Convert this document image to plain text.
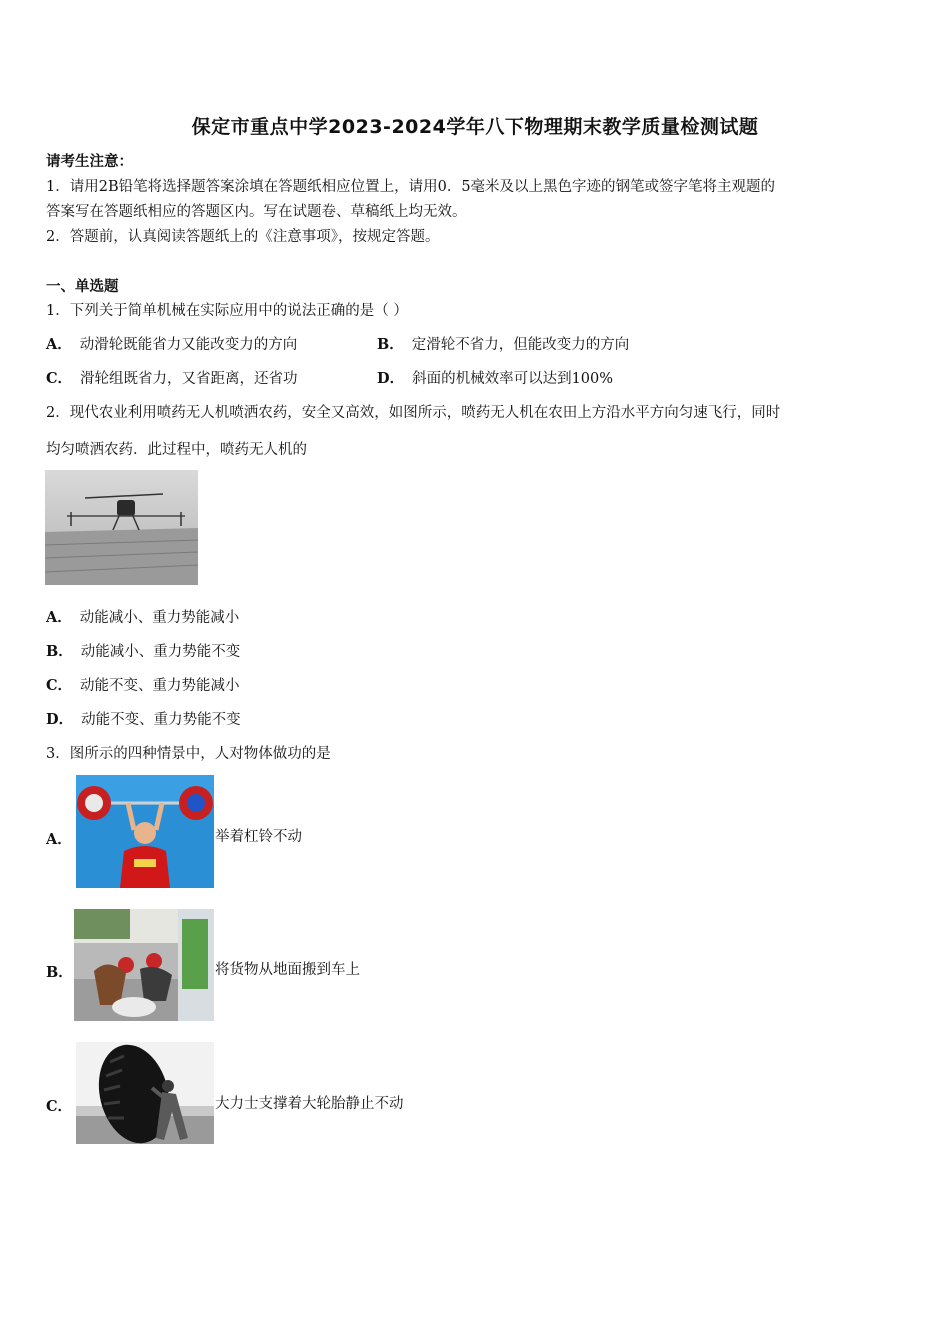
保定市重点中学2023-2024学年八下物理期末教学质量检测试题
请考生注意：
1．请用2B铅笔将选择题答案涂填在答题纸相应位置上，请用0．5毫米及以上黑色字迹的钢笔或签字笔将主观题的
答案写在答题纸相应的答题区内。写在试题卷、草稿纸上均无效。
2．答题前，认真阅读答题纸上的《注意事项》，按规定答题。
一、单选题
1．下列关于简单机械在实际应用中的说法正确的是（ ）
A． 动滑轮既能省力又能改变力的方向	B． 定滑轮不省力，但能改变力的方向
C． 滑轮组既省力，又省距离，还省功	D． 斜面的机械效率可以达到100%
2．现代农业利用喷药无人机喷洒农药，安全又高效，如图所示，喷药无人机在农田上方沿水平方向匀速飞行，同时
均匀喷洒农药．此过程中，喷药无人机的
A． 动能减小、重力势能减小
B． 动能减小、重力势能不变
C． 动能不变、重力势能减小
D． 动能不变、重力势能不变
3．图所示的四种情景中，人对物体做功的是
A．	举着杠铃不动
B．	将货物从地面搬到车上
C．	大力士支撑着大轮胎静止不动
